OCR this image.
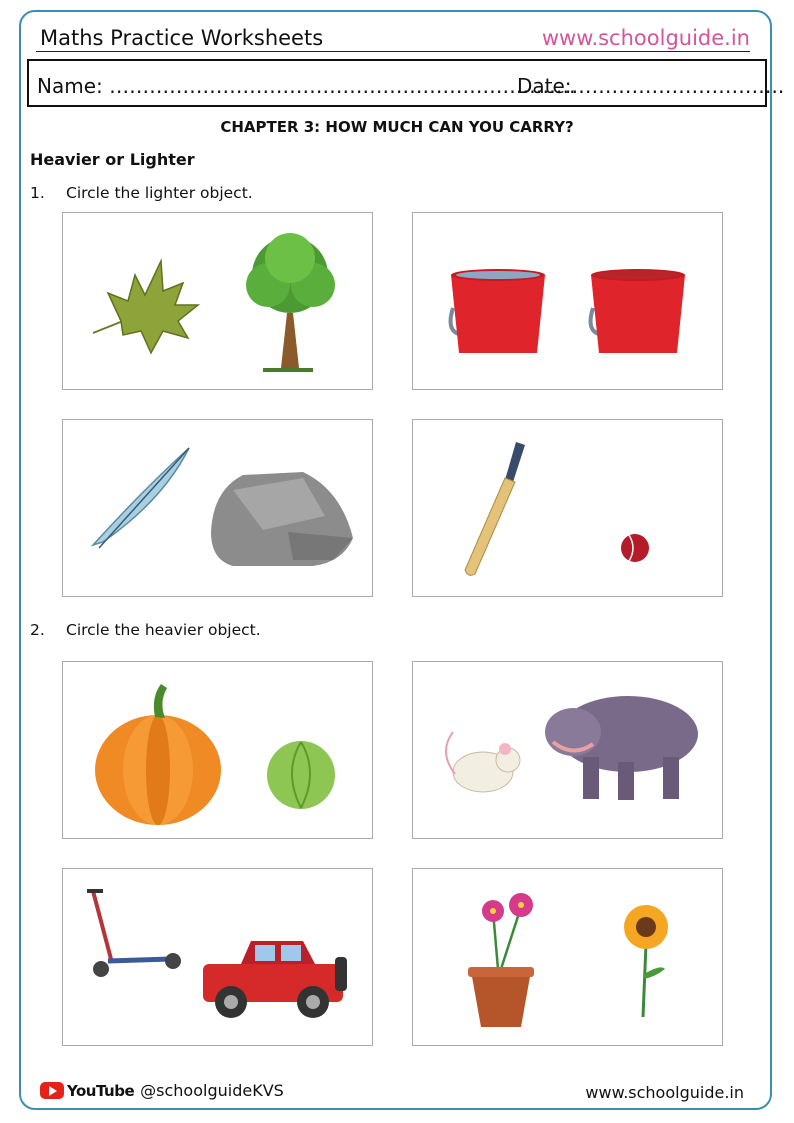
Maths Practice Worksheets	www.schoolguide.in
Name: …………………………………………………………….
Date:…………………………..
CHAPTER 3: HOW MUCH CAN YOU CARRY?
Heavier or Lighter
1. Circle the lighter object.
2. Circle the heavier object.
YouTube @schoolguideKVS	www.schoolguide.in
